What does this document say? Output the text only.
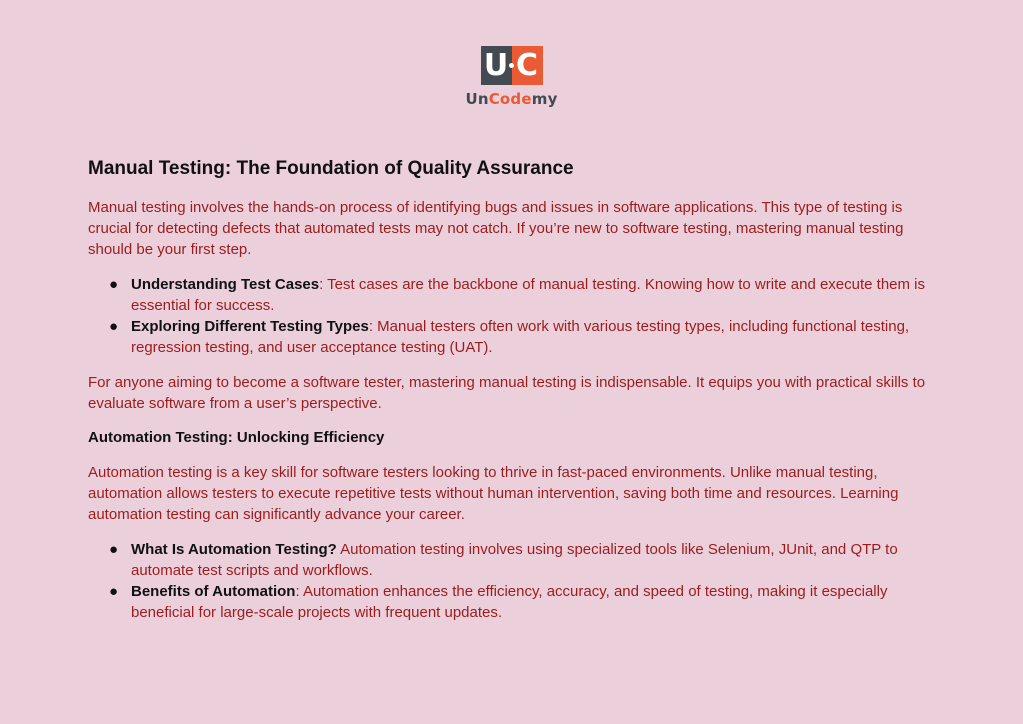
U C
UnCodemy
Manual Testing: The Foundation of Quality Assurance

Manual testing involves the hands-on process of identifying bugs and issues in software applications. This type of testing is crucial for detecting defects that automated tests may not catch. If you’re new to software testing, mastering manual testing should be your first step.

● Understanding Test Cases: Test cases are the backbone of manual testing. Knowing how to write and execute them is essential for success.
● Exploring Different Testing Types: Manual testers often work with various testing types, including functional testing, regression testing, and user acceptance testing (UAT).

For anyone aiming to become a software tester, mastering manual testing is indispensable. It equips you with practical skills to evaluate software from a user’s perspective.

Automation Testing: Unlocking Efficiency

Automation testing is a key skill for software testers looking to thrive in fast-paced environments. Unlike manual testing, automation allows testers to execute repetitive tests without human intervention, saving both time and resources. Learning automation testing can significantly advance your career.

● What Is Automation Testing? Automation testing involves using specialized tools like Selenium, JUnit, and QTP to automate test scripts and workflows.
● Benefits of Automation: Automation enhances the efficiency, accuracy, and speed of testing, making it especially beneficial for large-scale projects with frequent updates.
